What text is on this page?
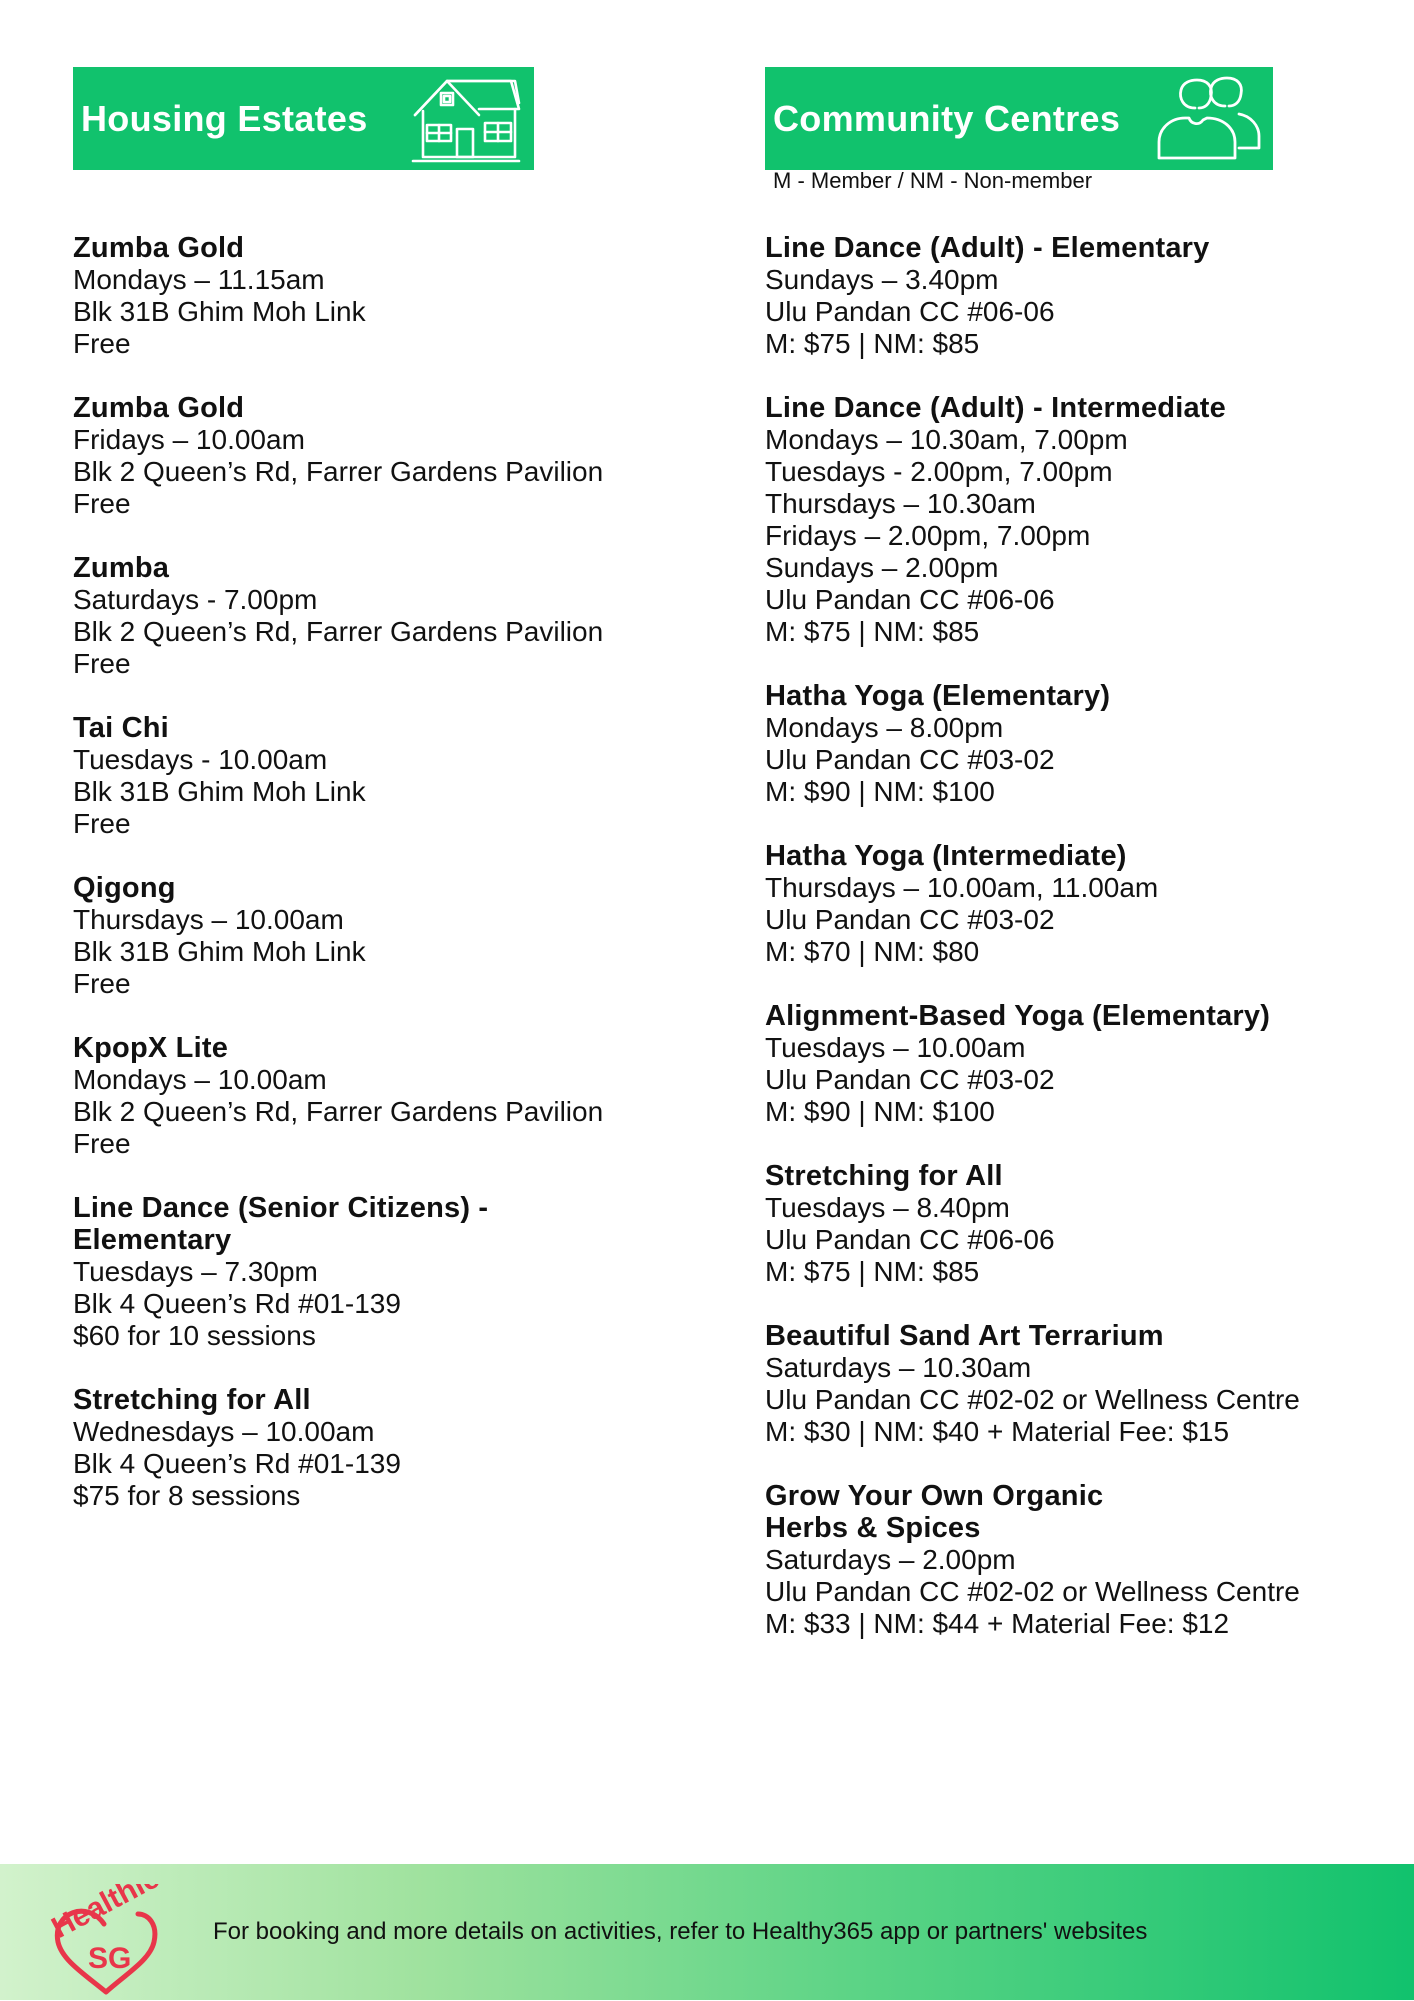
Housing Estates	Community Centres
M - Member / NM - Non-member
Zumba Gold
Mondays – 11.15am
Blk 31B Ghim Moh Link
Free
Zumba Gold
Fridays – 10.00am
Blk 2 Queen’s Rd, Farrer Gardens Pavilion
Free
Zumba
Saturdays - 7.00pm
Blk 2 Queen’s Rd, Farrer Gardens Pavilion
Free
Tai Chi
Tuesdays - 10.00am
Blk 31B Ghim Moh Link
Free
Qigong
Thursdays – 10.00am
Blk 31B Ghim Moh Link
Free
KpopX Lite
Mondays – 10.00am
Blk 2 Queen’s Rd, Farrer Gardens Pavilion
Free
Line Dance (Senior Citizens) - Elementary
Tuesdays – 7.30pm
Blk 4 Queen’s Rd #01-139
$60 for 10 sessions
Stretching for All
Wednesdays – 10.00am
Blk 4 Queen’s Rd #01-139
$75 for 8 sessions
Line Dance (Adult) - Elementary
Sundays – 3.40pm
Ulu Pandan CC #06-06
M: $75 | NM: $85
Line Dance (Adult) - Intermediate
Mondays – 10.30am, 7.00pm
Tuesdays - 2.00pm, 7.00pm
Thursdays – 10.30am
Fridays – 2.00pm, 7.00pm
Sundays – 2.00pm
Ulu Pandan CC #06-06
M: $75 | NM: $85
Hatha Yoga (Elementary)
Mondays – 8.00pm
Ulu Pandan CC #03-02
M: $90 | NM: $100
Hatha Yoga (Intermediate)
Thursdays – 10.00am, 11.00am
Ulu Pandan CC #03-02
M: $70 | NM: $80
Alignment-Based Yoga (Elementary)
Tuesdays – 10.00am
Ulu Pandan CC #03-02
M: $90 | NM: $100
Stretching for All
Tuesdays – 8.40pm
Ulu Pandan CC #06-06
M: $75 | NM: $85
Beautiful Sand Art Terrarium
Saturdays – 10.30am
Ulu Pandan CC #02-02 or Wellness Centre
M: $30 | NM: $40 + Material Fee: $15
Grow Your Own Organic Herbs & Spices
Saturdays – 2.00pm
Ulu Pandan CC #02-02 or Wellness Centre
M: $33 | NM: $44 + Material Fee: $12
Healthier
SG
For booking and more details on activities, refer to Healthy365 app or partners' websites
